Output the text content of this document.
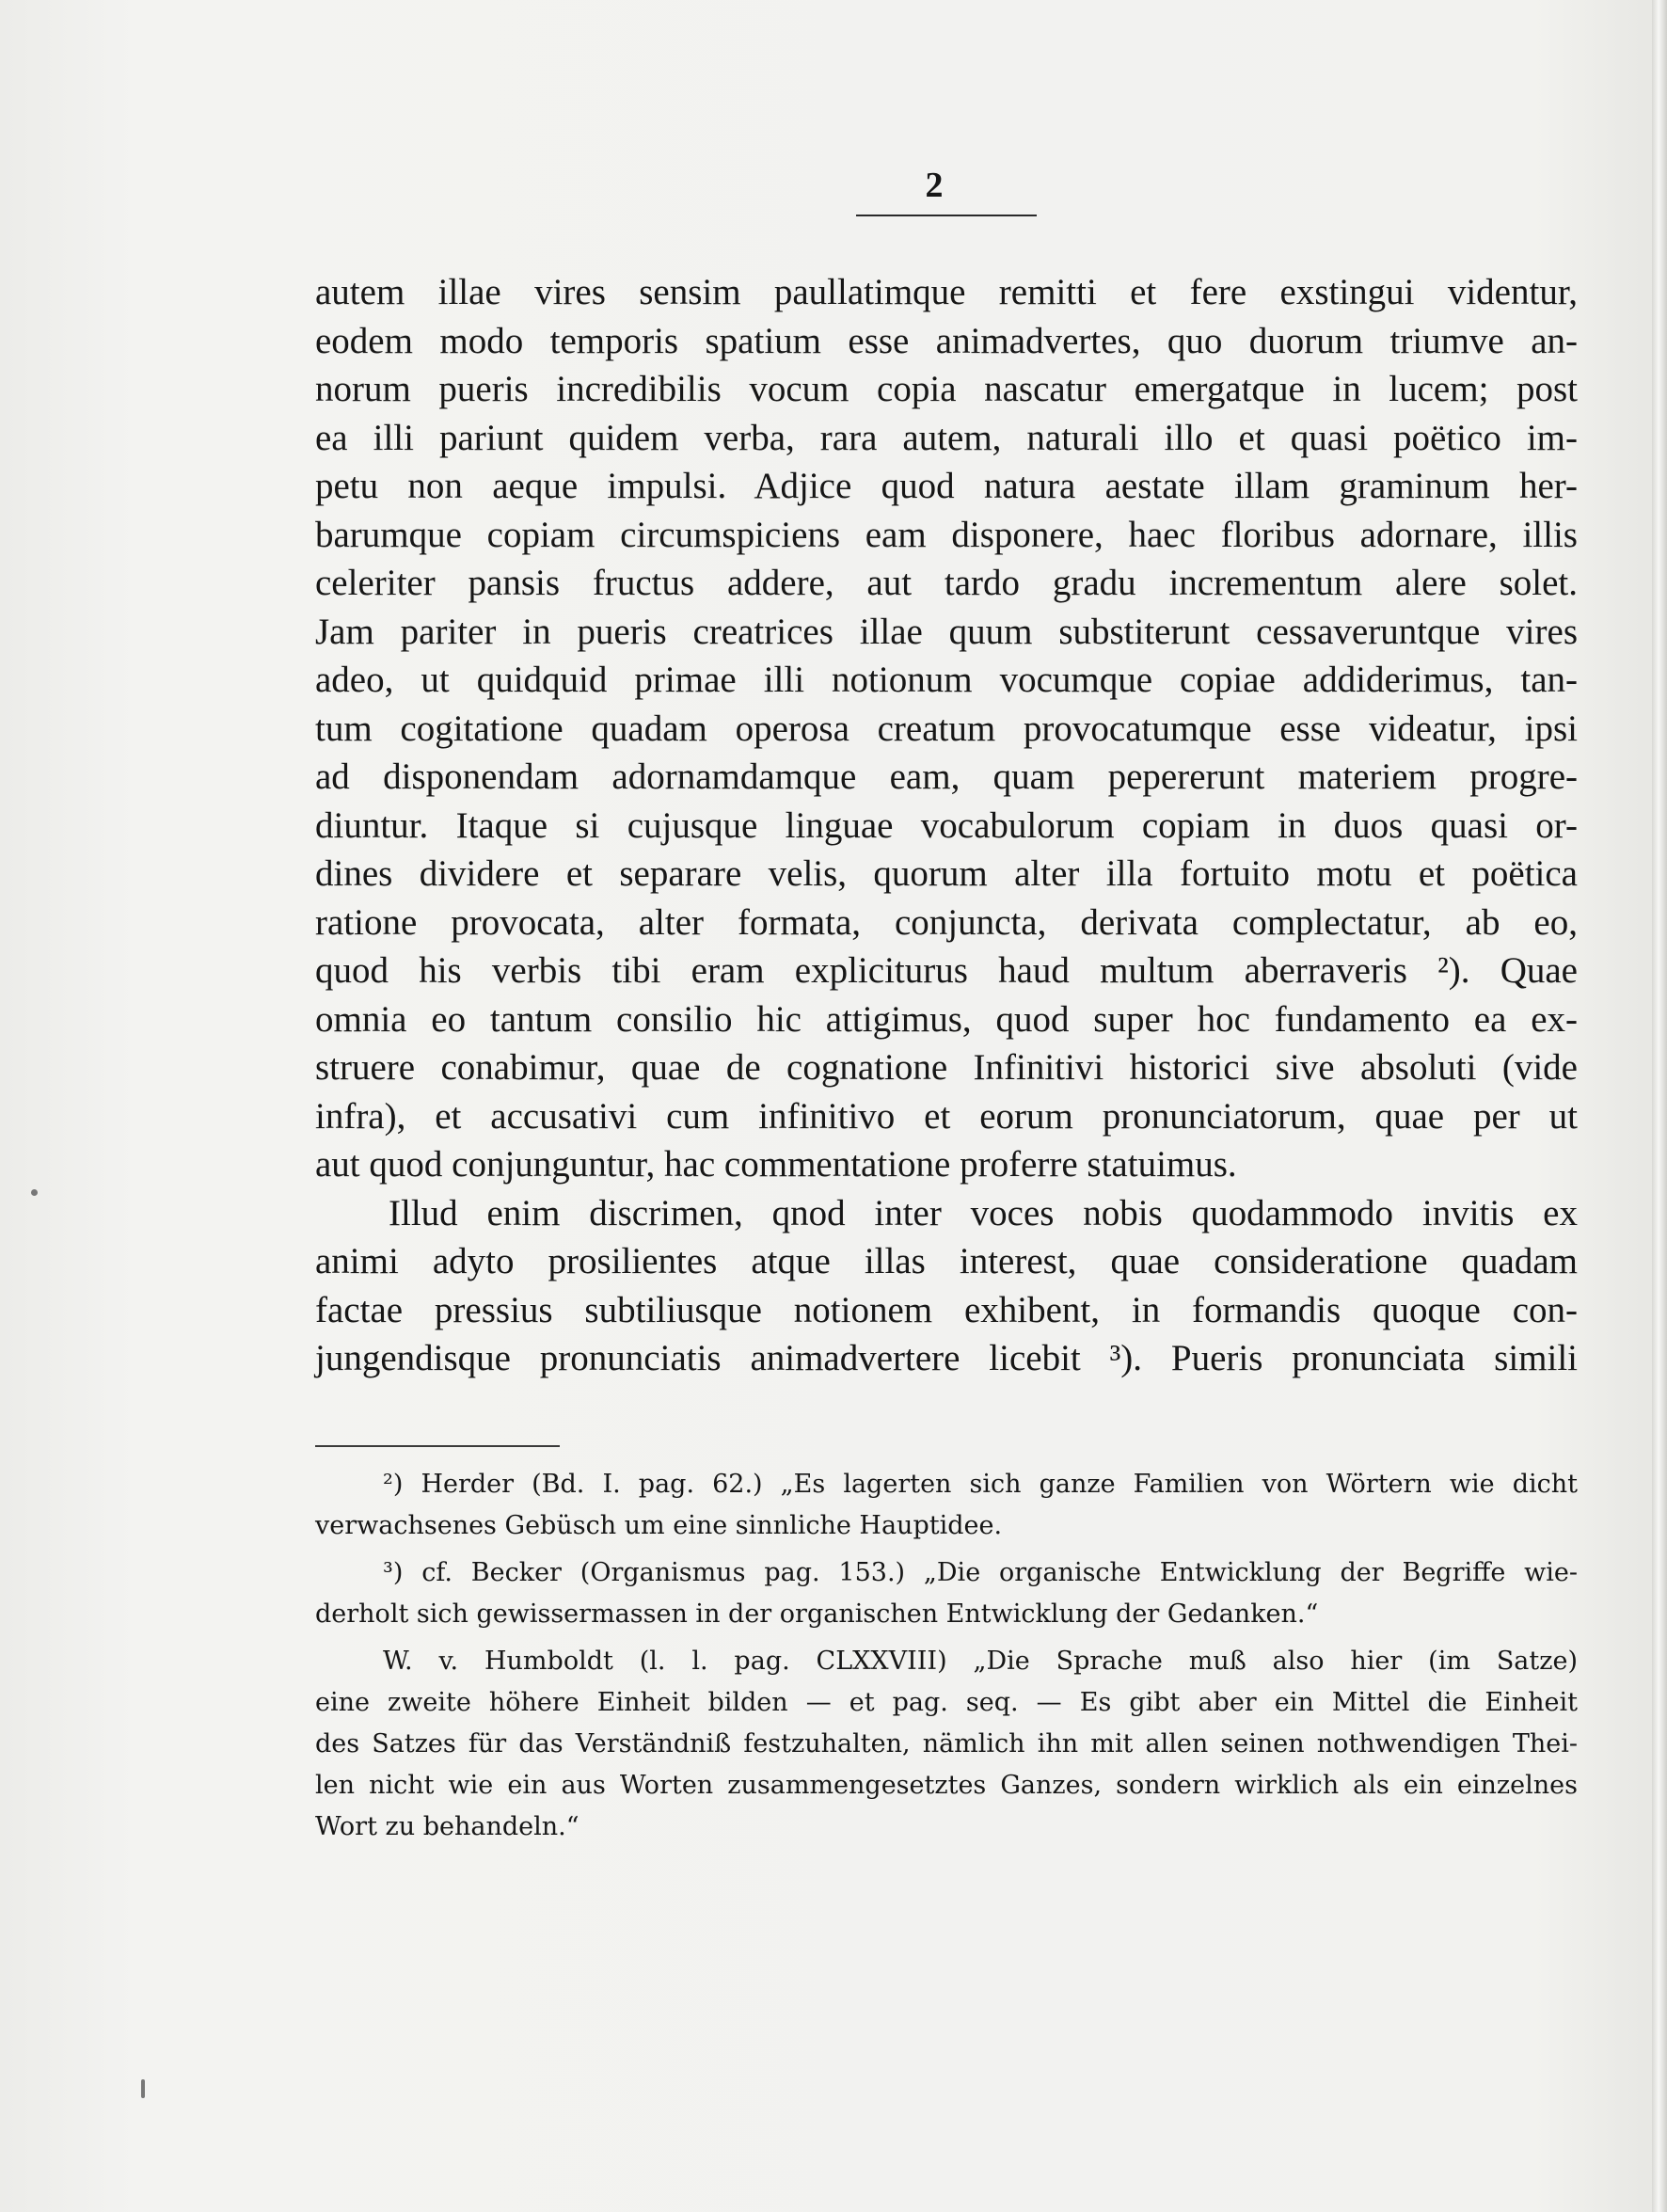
2
autem illae vires sensim paullatimque remitti et fere exstingui videntur,
eodem modo temporis spatium esse animadvertes, quo duorum triumve an-
norum pueris incredibilis vocum copia nascatur emergatque in lucem; post
ea illi pariunt quidem verba, rara autem, naturali illo et quasi poëtico im-
petu non aeque impulsi. Adjice quod natura aestate illam graminum her-
barumque copiam circumspiciens eam disponere, haec floribus adornare, illis
celeriter pansis fructus addere, aut tardo gradu incrementum alere solet.
Jam pariter in pueris creatrices illae quum substiterunt cessaveruntque vires
adeo, ut quidquid primae illi notionum vocumque copiae addiderimus, tan-
tum cogitatione quadam operosa creatum provocatumque esse videatur, ipsi
ad disponendam adornamdamque eam, quam pepererunt materiem progre-
diuntur. Itaque si cujusque linguae vocabulorum copiam in duos quasi or-
dines dividere et separare velis, quorum alter illa fortuito motu et poëtica
ratione provocata, alter formata, conjuncta, derivata complectatur, ab eo,
quod his verbis tibi eram expliciturus haud multum aberraveris ²). Quae
omnia eo tantum consilio hic attigimus, quod super hoc fundamento ea ex-
struere conabimur, quae de cognatione Infinitivi historici sive absoluti (vide
infra), et accusativi cum infinitivo et eorum pronunciatorum, quae per ut
aut quod conjunguntur, hac commentatione proferre statuimus.
Illud enim discrimen, qnod inter voces nobis quodammodo invitis ex
animi adyto prosilientes atque illas interest, quae consideratione quadam
factae pressius subtiliusque notionem exhibent, in formandis quoque con-
jungendisque pronunciatis animadvertere licebit ³). Pueris pronunciata simili
²) Herder (Bd. I. pag. 62.) „Es lagerten sich ganze Familien von Wörtern wie dicht
verwachsenes Gebüsch um eine sinnliche Hauptidee.
³) cf. Becker (Organismus pag. 153.) „Die organische Entwicklung der Begriffe wie-
derholt sich gewissermassen in der organischen Entwicklung der Gedanken.“
W. v. Humboldt (l. l. pag. CLXXVIII) „Die Sprache muß also hier (im Satze)
eine zweite höhere Einheit bilden — et pag. seq. — Es gibt aber ein Mittel die Einheit
des Satzes für das Verständniß festzuhalten, nämlich ihn mit allen seinen nothwendigen Thei-
len nicht wie ein aus Worten zusammengesetztes Ganzes, sondern wirklich als ein einzelnes
Wort zu behandeln.“
